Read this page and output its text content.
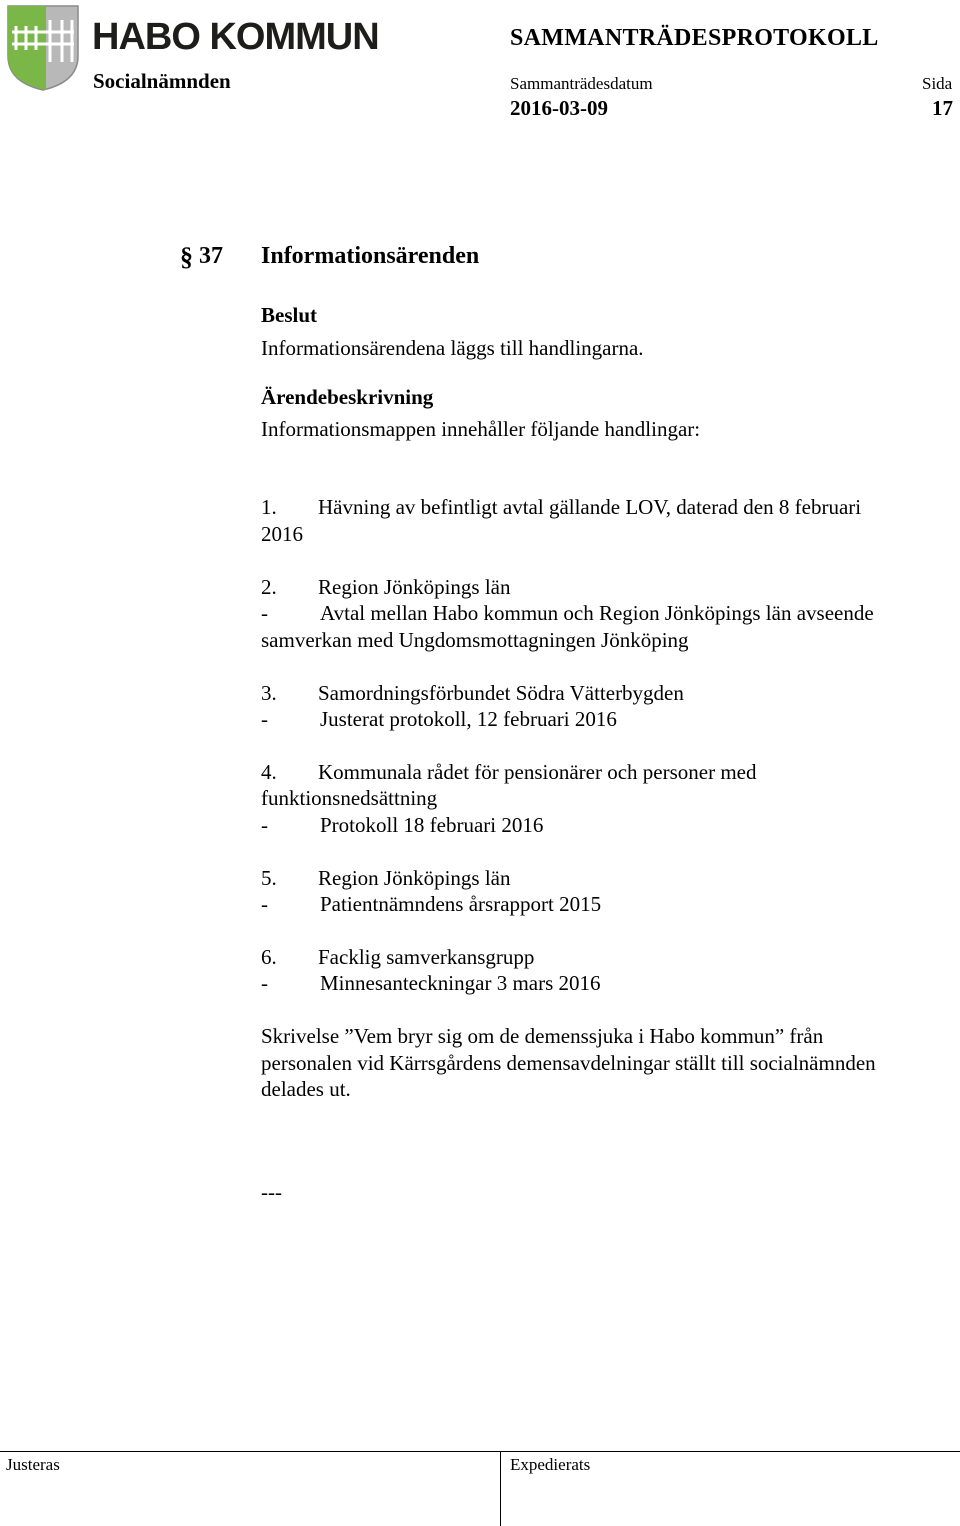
HABO KOMMUN
Socialnämnden
SAMMANTRÄDESPROTOKOLL
Sammanträdesdatum	Sida
2016-03-09	17
§ 37 Informationsärenden
Beslut
Informationsärendena läggs till handlingarna.
Ärendebeskrivning
Informationsmappen innehåller följande handlingar:
1. Hävning av befintligt avtal gällande LOV, daterad den 8 februari
2016
2. Region Jönköpings län
- Avtal mellan Habo kommun och Region Jönköpings län avseende
samverkan med Ungdomsmottagningen Jönköping
3. Samordningsförbundet Södra Vätterbygden
- Justerat protokoll, 12 februari 2016
4. Kommunala rådet för pensionärer och personer med
funktionsnedsättning
- Protokoll 18 februari 2016
5. Region Jönköpings län
- Patientnämndens årsrapport 2015
6. Facklig samverkansgrupp
- Minnesanteckningar 3 mars 2016
Skrivelse ”Vem bryr sig om de demenssjuka i Habo kommun” från
personalen vid Kärrsgårdens demensavdelningar ställt till socialnämnden
delades ut.
---
Justeras	Expedierats
